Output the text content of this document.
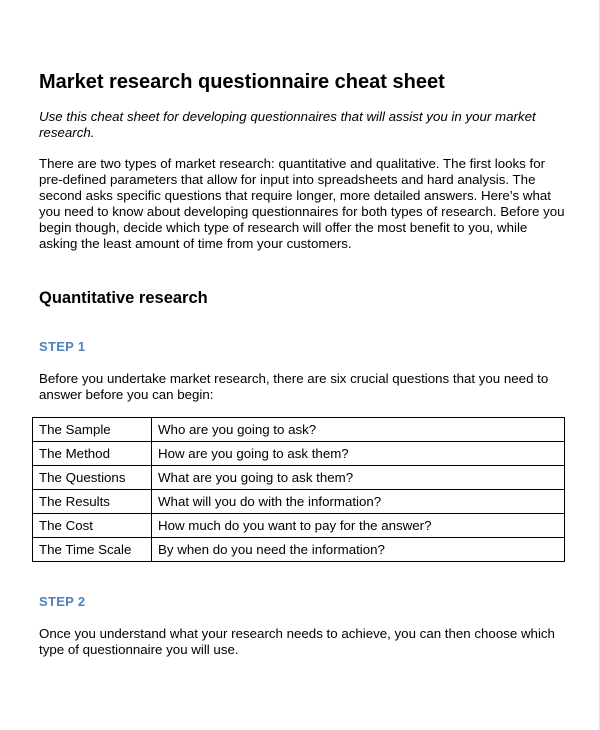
Market research questionnaire cheat sheet

Use this cheat sheet for developing questionnaires that will assist you in your market research.

There are two types of market research: quantitative and qualitative. The first looks for pre-defined parameters that allow for input into spreadsheets and hard analysis. The second asks specific questions that require longer, more detailed answers. Here’s what you need to know about developing questionnaires for both types of research. Before you begin though, decide which type of research will offer the most benefit to you, while asking the least amount of time from your customers.

Quantitative research
STEP 1

Before you undertake market research, there are six crucial questions that you need to answer before you can begin:

The Sample	Who are you going to ask?
The Method	How are you going to ask them?
The Questions	What are you going to ask them?
The Results	What will you do with the information?
The Cost	How much do you want to pay for the answer?
The Time Scale	By when do you need the information?
STEP 2

Once you understand what your research needs to achieve, you can then choose which type of questionnaire you will use.
